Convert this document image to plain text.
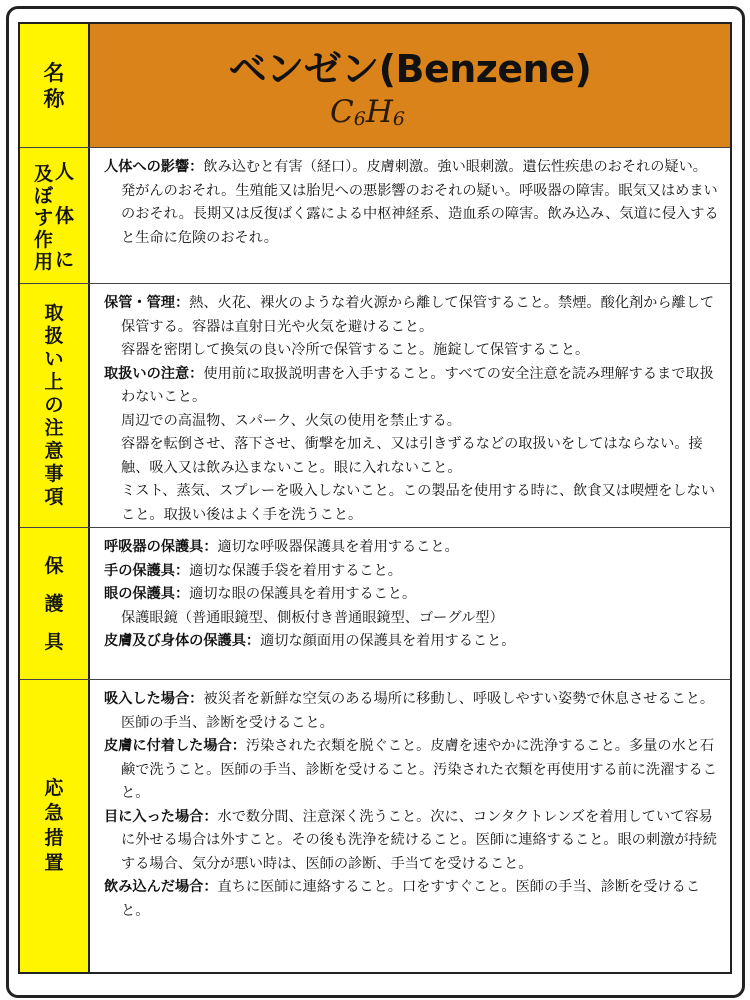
名
称
ベンゼン(Benzene)
$C_6H_6$
及
ぼ
す
作
用
人
体
に
人体への影響：飲み込むと有害（経口）。皮膚刺激。強い眼刺激。遺伝性疾患のおそれの疑い。発がんのおそれ。生殖能又は胎児への悪影響のおそれの疑い。呼吸器の障害。眠気又はめまいのおそれ。長期又は反復ばく露による中枢神経系、造血系の障害。飲み込み、気道に侵入すると生命に危険のおそれ。
取
扱
い
上
の
注
意
事
項
保管・管理：熱、火花、裸火のような着火源から離して保管すること。禁煙。酸化剤から離して保管する。容器は直射日光や火気を避けること。
容器を密閉して換気の良い冷所で保管すること。施錠して保管すること。
取扱いの注意：使用前に取扱説明書を入手すること。すべての安全注意を読み理解するまで取扱わないこと。
周辺での高温物、スパーク、火気の使用を禁止する。
容器を転倒させ、落下させ、衝撃を加え、又は引きずるなどの取扱いをしてはならない。接触、吸入又は飲み込まないこと。眼に入れないこと。
ミスト、蒸気、スプレーを吸入しないこと。この製品を使用する時に、飲食又は喫煙をしないこと。取扱い後はよく手を洗うこと。
保
護
具
呼吸器の保護具：適切な呼吸器保護具を着用すること。
手の保護具：適切な保護手袋を着用すること。
眼の保護具：適切な眼の保護具を着用すること。
保護眼鏡（普通眼鏡型、側板付き普通眼鏡型、ゴーグル型）
皮膚及び身体の保護具：適切な顔面用の保護具を着用すること。
応
急
措
置
吸入した場合：被災者を新鮮な空気のある場所に移動し、呼吸しやすい姿勢で休息させること。医師の手当、診断を受けること。
皮膚に付着した場合：汚染された衣類を脱ぐこと。皮膚を速やかに洗浄すること。多量の水と石鹸で洗うこと。医師の手当、診断を受けること。汚染された衣類を再使用する前に洗濯すること。
目に入った場合：水で数分間、注意深く洗うこと。次に、コンタクトレンズを着用していて容易に外せる場合は外すこと。その後も洗浄を続けること。医師に連絡すること。眼の刺激が持続する場合、気分が悪い時は、医師の診断、手当てを受けること。
飲み込んだ場合：直ちに医師に連絡すること。口をすすぐこと。医師の手当、診断を受けること。
